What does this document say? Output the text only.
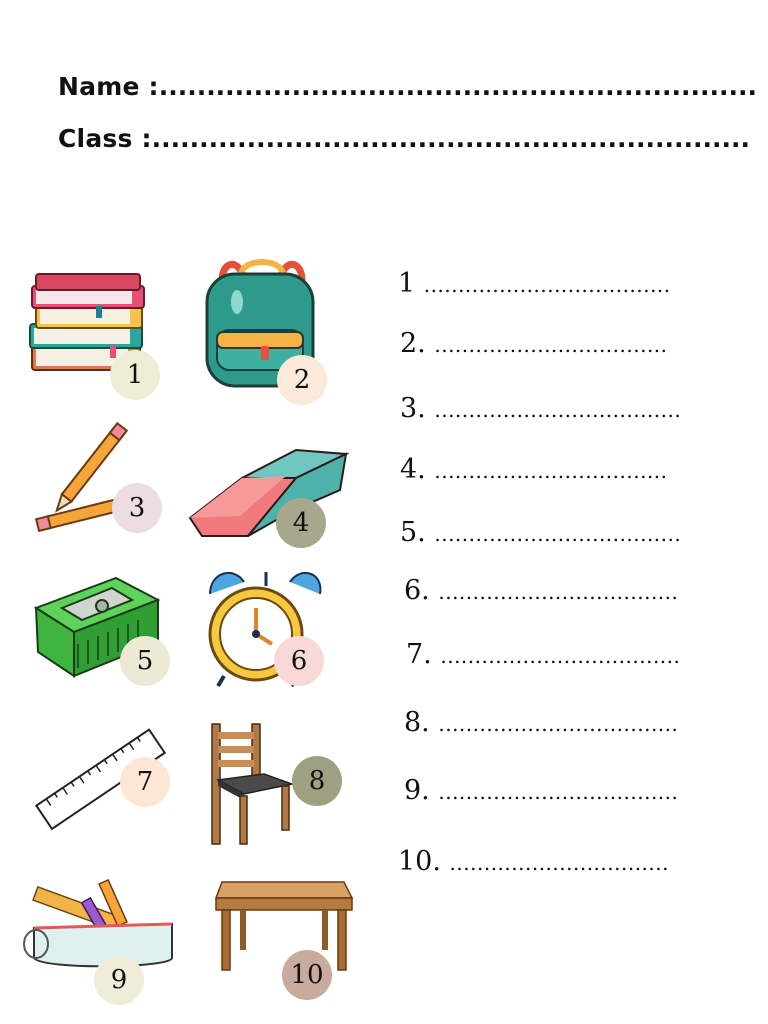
Name :...............................................................
Class :...............................................................
1	2
3	4
5	6
7	8
9	10
1 ....................................
2. ..................................
3. ....................................
4. ..................................
5. ....................................
6. ...................................
7. ...................................
8. ...................................
9. ...................................
10. ................................
